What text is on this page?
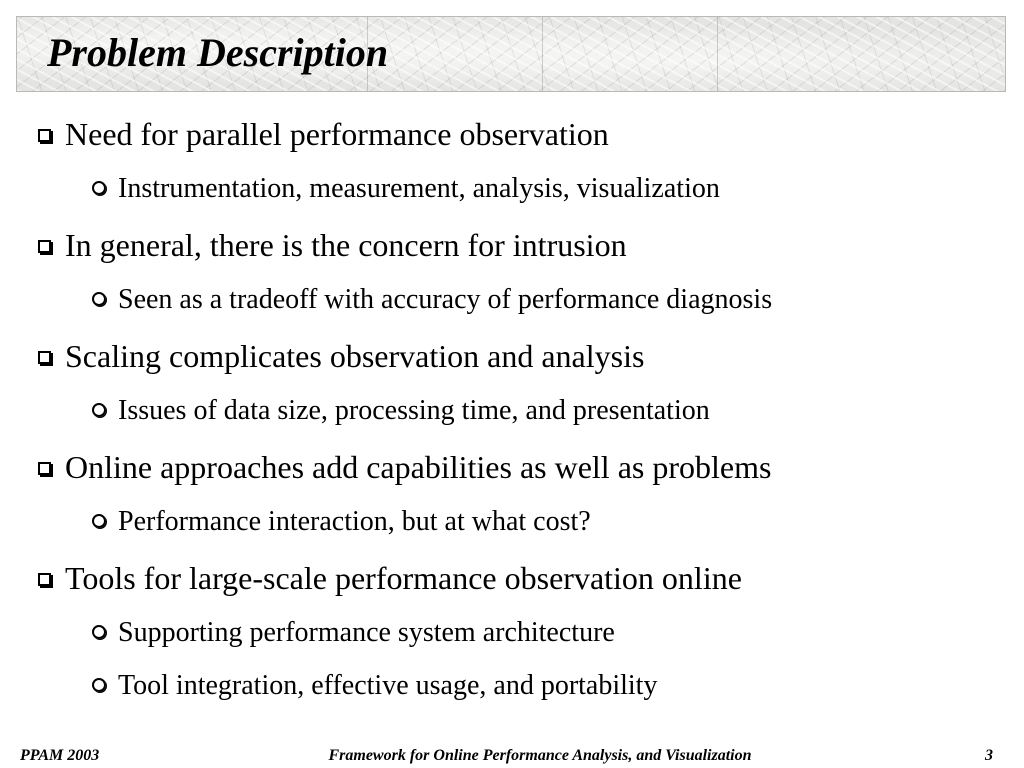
Problem Description
Need for parallel performance observation
Instrumentation, measurement, analysis, visualization
In general, there is the concern for intrusion
Seen as a tradeoff with accuracy of performance diagnosis
Scaling complicates observation and analysis
Issues of data size, processing time, and presentation
Online approaches add capabilities as well as problems
Performance interaction, but at what cost?
Tools for large-scale performance observation online
Supporting performance system architecture
Tool integration, effective usage, and portability
PPAM 2003	Framework for Online Performance Analysis, and Visualization	3
